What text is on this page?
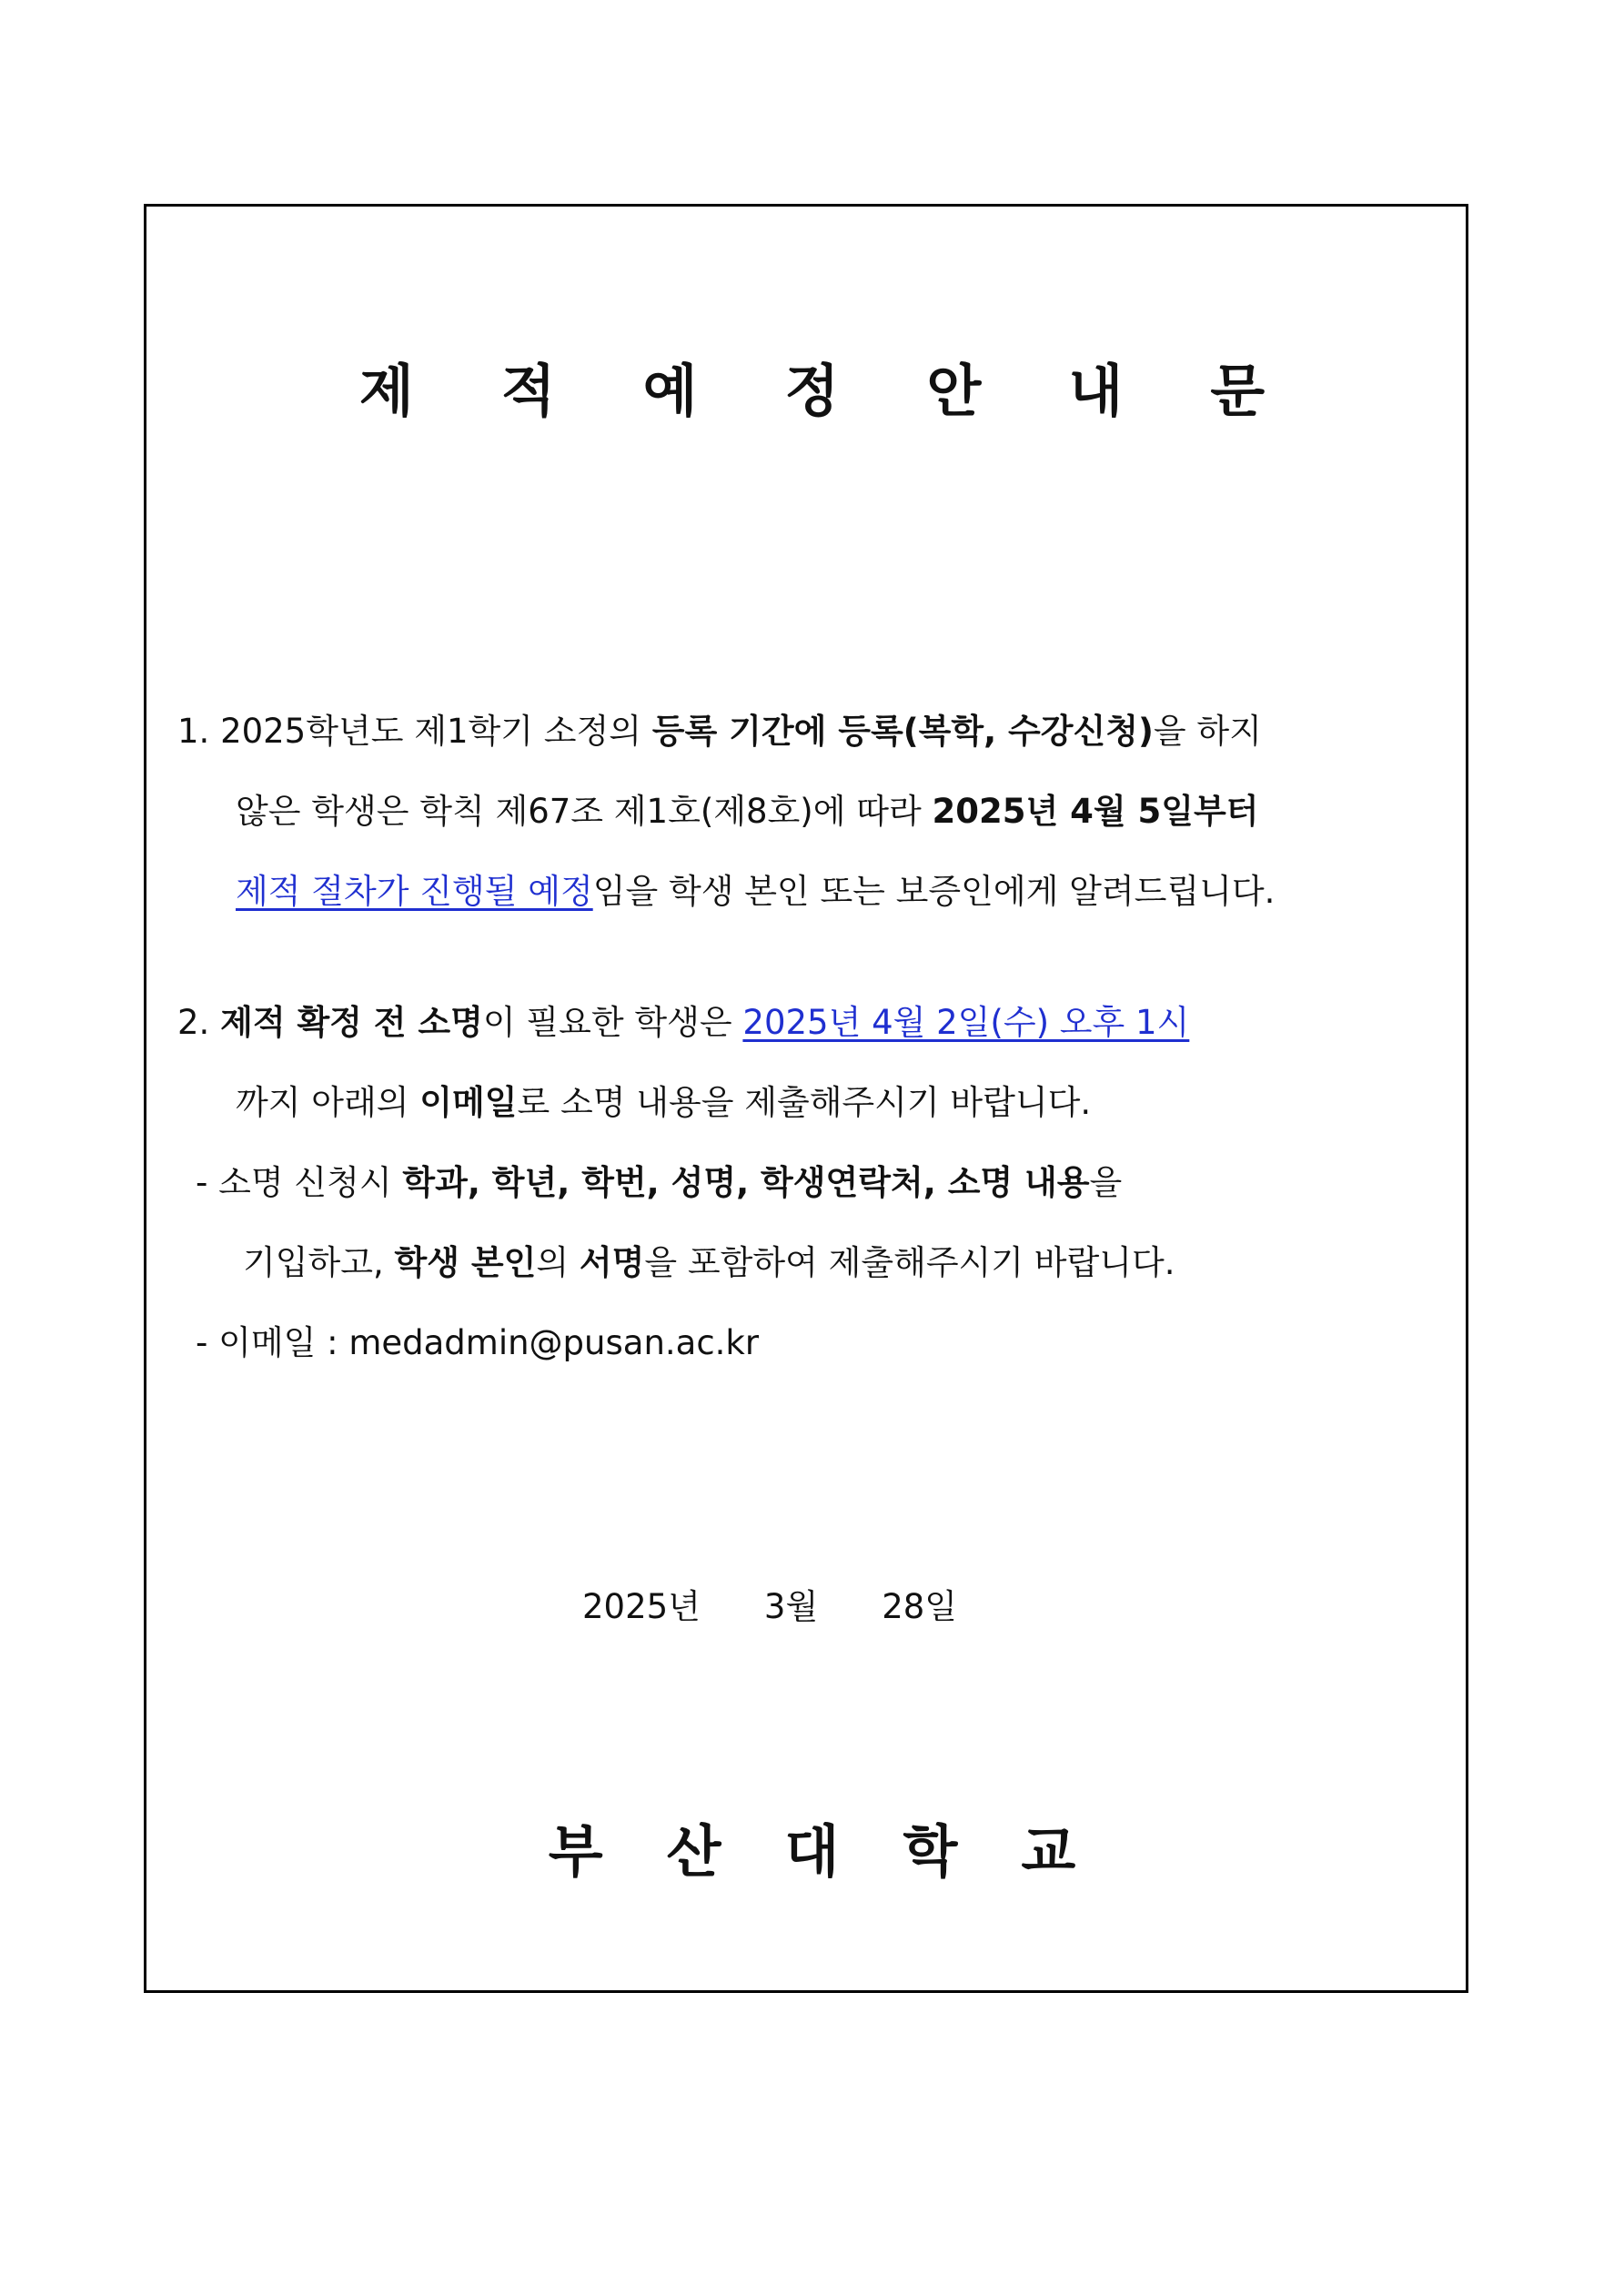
제 적 예 정 안 내 문
1. 2025학년도 제1학기 소정의 등록 기간에 등록(복학, 수강신청)을 하지
않은 학생은 학칙 제67조 제1호(제8호)에 따라 2025년 4월 5일부터
제적 절차가 진행될 예정임을 학생 본인 또는 보증인에게 알려드립니다.
2. 제적 확정 전 소명이 필요한 학생은 2025년 4월 2일(수) 오후 1시
까지 아래의 이메일로 소명 내용을 제출해주시기 바랍니다.
- 소명 신청시 학과, 학년, 학번, 성명, 학생연락처, 소명 내용을
기입하고, 학생 본인의 서명을 포함하여 제출해주시기 바랍니다.
- 이메일 : medadmin@pusan.ac.kr
2025년 3월 28일
부 산 대 학 교
